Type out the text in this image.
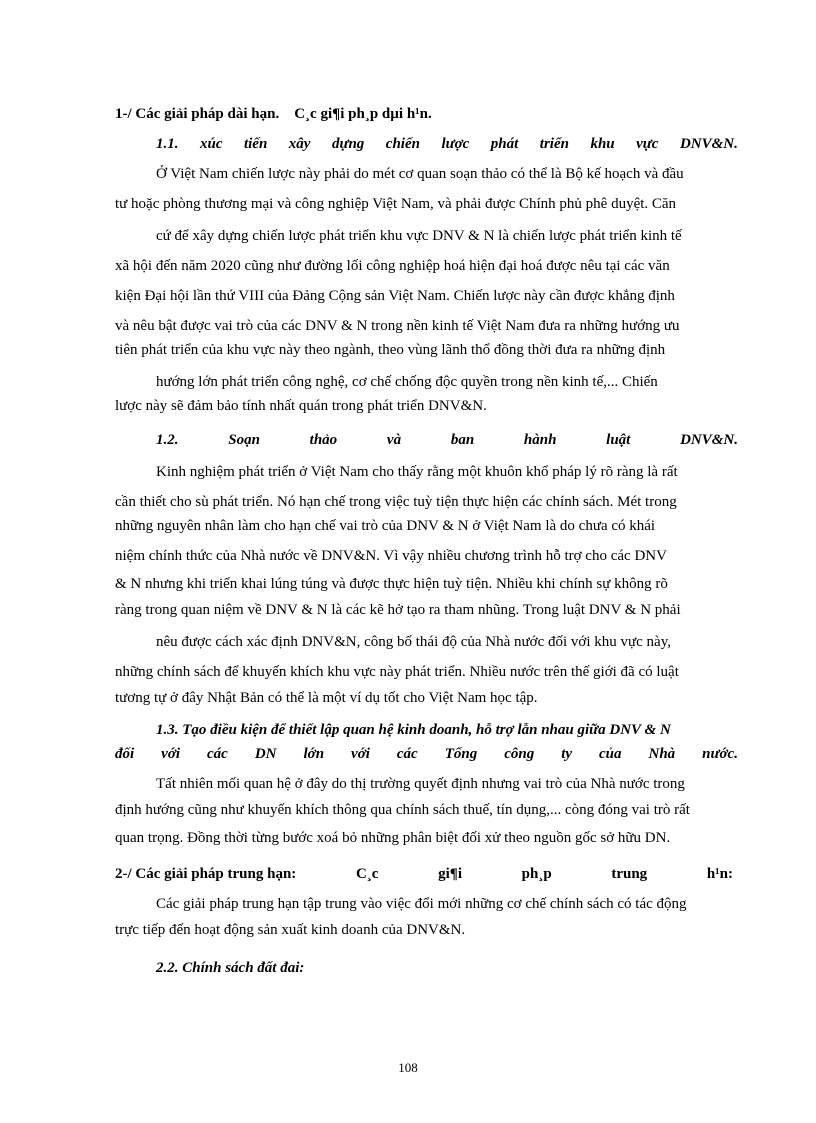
1-/ Các giải pháp dài hạn. C¸c gi¶i ph¸p dµi h¹n.
1.1. xúc tiến xây dựng chiến lược phát triển khu vực DNV&N.
Ở Việt Nam chiến lược này phải do mét cơ quan soạn thảo có thể là Bộ kế hoạch và đầu
tư hoặc phòng thương mại và công nghiệp Việt Nam, và phải được Chính phủ phê duyệt. Căn
cứ để xây dựng chiến lược phát triển khu vực DNV & N là chiến lược phát triển kinh tế
xã hội đến năm 2020 cũng như đường lối công nghiệp hoá hiện đại hoá được nêu tại các văn
kiện Đại hội lần thứ VIII của Đảng Cộng sản Việt Nam. Chiến lược này cần được khẳng định
và nêu bật được vai trò của các DNV & N trong nền kinh tế Việt Nam đưa ra những hướng ưu
tiên phát triển của khu vực này theo ngành, theo vùng lãnh thổ đồng thời đưa ra những định
hướng lớn phát triển công nghệ, cơ chế chống độc quyền trong nền kinh tế,... Chiến
lược này sẽ đảm bảo tính nhất quán trong phát triển DNV&N.
1.2.	Soạn	thảo	và	ban	hành	luật	DNV&N.
Kinh nghiệm phát triển ở Việt Nam cho thấy rằng một khuôn khổ pháp lý rõ ràng là rất
cần thiết cho sù phát triển. Nó hạn chế trong việc tuỳ tiện thực hiện các chính sách. Mét trong
những nguyên nhân làm cho hạn chế vai trò của DNV & N ở Việt Nam là do chưa có khái
niệm chính thức của Nhà nước về DNV&N. Vì vậy nhiều chương trình hỗ trợ cho các DNV
& N nhưng khi triển khai lúng túng và được thực hiện tuỳ tiện. Nhiều khi chính sự không rõ
ràng trong quan niệm về DNV & N là các kẽ hở tạo ra tham nhũng. Trong luật DNV & N phải
nêu được cách xác định DNV&N, công bố thái độ của Nhà nước đối với khu vực này,
những chính sách để khuyến khích khu vực này phát triển. Nhiều nước trên thế giới đã có luật
tương tự ở đây Nhật Bản có thể là một ví dụ tốt cho Việt Nam học tập.
1.3. Tạo điều kiện để thiết lập quan hệ kinh doanh, hỗ trợ lẫn nhau giữa DNV & N
đối với các DN lớn với các Tổng công ty của Nhà nước.
Tất nhiên mối quan hệ ở đây do thị trường quyết định nhưng vai trò của Nhà nước trong
định hướng cũng như khuyến khích thông qua chính sách thuế, tín dụng,... còng đóng vai trò rất
quan trọng. Đồng thời từng bước xoá bỏ những phân biệt đối xử theo nguồn gốc sở hữu DN.
2-/ Các giải pháp trung hạn:	C¸c	gi¶i	ph¸p	trung	h¹n:
Các giải pháp trung hạn tập trung vào việc đổi mới những cơ chế chính sách có tác động
trực tiếp đến hoạt động sản xuất kinh doanh của DNV&N.
2.2. Chính sách đất đai:
108
